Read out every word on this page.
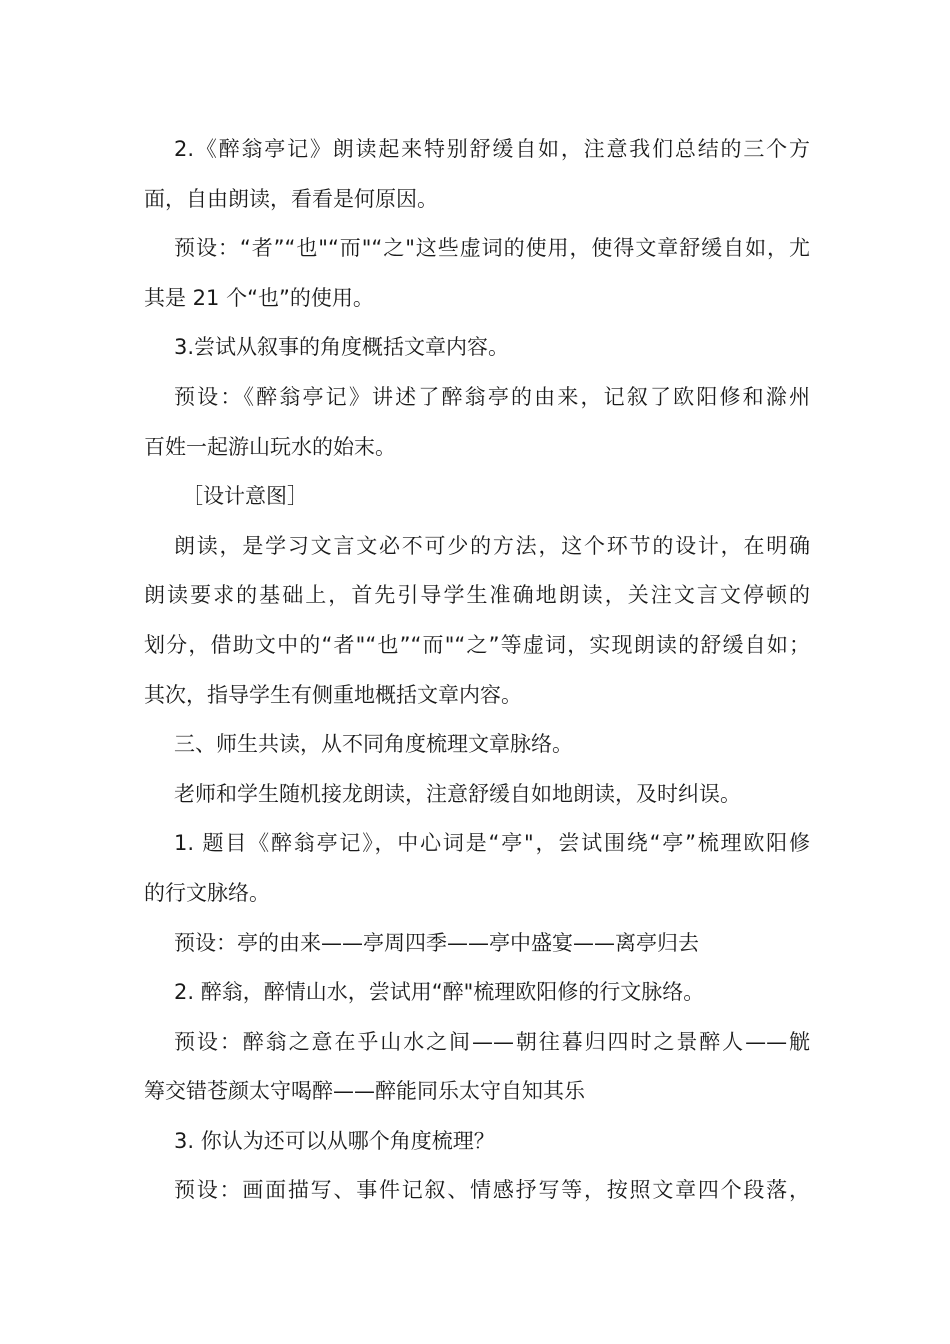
2.《醉翁亭记》朗读起来特别舒缓自如，注意我们总结的三个方

面，自由朗读，看看是何原因。

预设：“者”“也"“而"“之"这些虚词的使用，使得文章舒缓自如，尤

其是 21 个“也”的使用。

3.尝试从叙事的角度概括文章内容。

预设：《醉翁亭记》讲述了醉翁亭的由来，记叙了欧阳修和滁州

百姓一起游山玩水的始末。

［设计意图］

朗读，是学习文言文必不可少的方法，这个环节的设计，在明确

朗读要求的基础上，首先引导学生准确地朗读，关注文言文停顿的

划分，借助文中的“者"“也”“而"“之”等虚词，实现朗读的舒缓自如；

其次，指导学生有侧重地概括文章内容。

三、师生共读，从不同角度梳理文章脉络。

老师和学生随机接龙朗读，注意舒缓自如地朗读，及时纠误。

1. 题目《醉翁亭记》，中心词是“亭"，尝试围绕“亭”梳理欧阳修

的行文脉络。

预设：亭的由来——亭周四季——亭中盛宴——离亭归去

2. 醉翁，醉情山水，尝试用“醉"梳理欧阳修的行文脉络。

预设：醉翁之意在乎山水之间——朝往暮归四时之景醉人——觥

筹交错苍颜太守喝醉——醉能同乐太守自知其乐

3. 你认为还可以从哪个角度梳理？

预设：画面描写、事件记叙、情感抒写等，按照文章四个段落，
